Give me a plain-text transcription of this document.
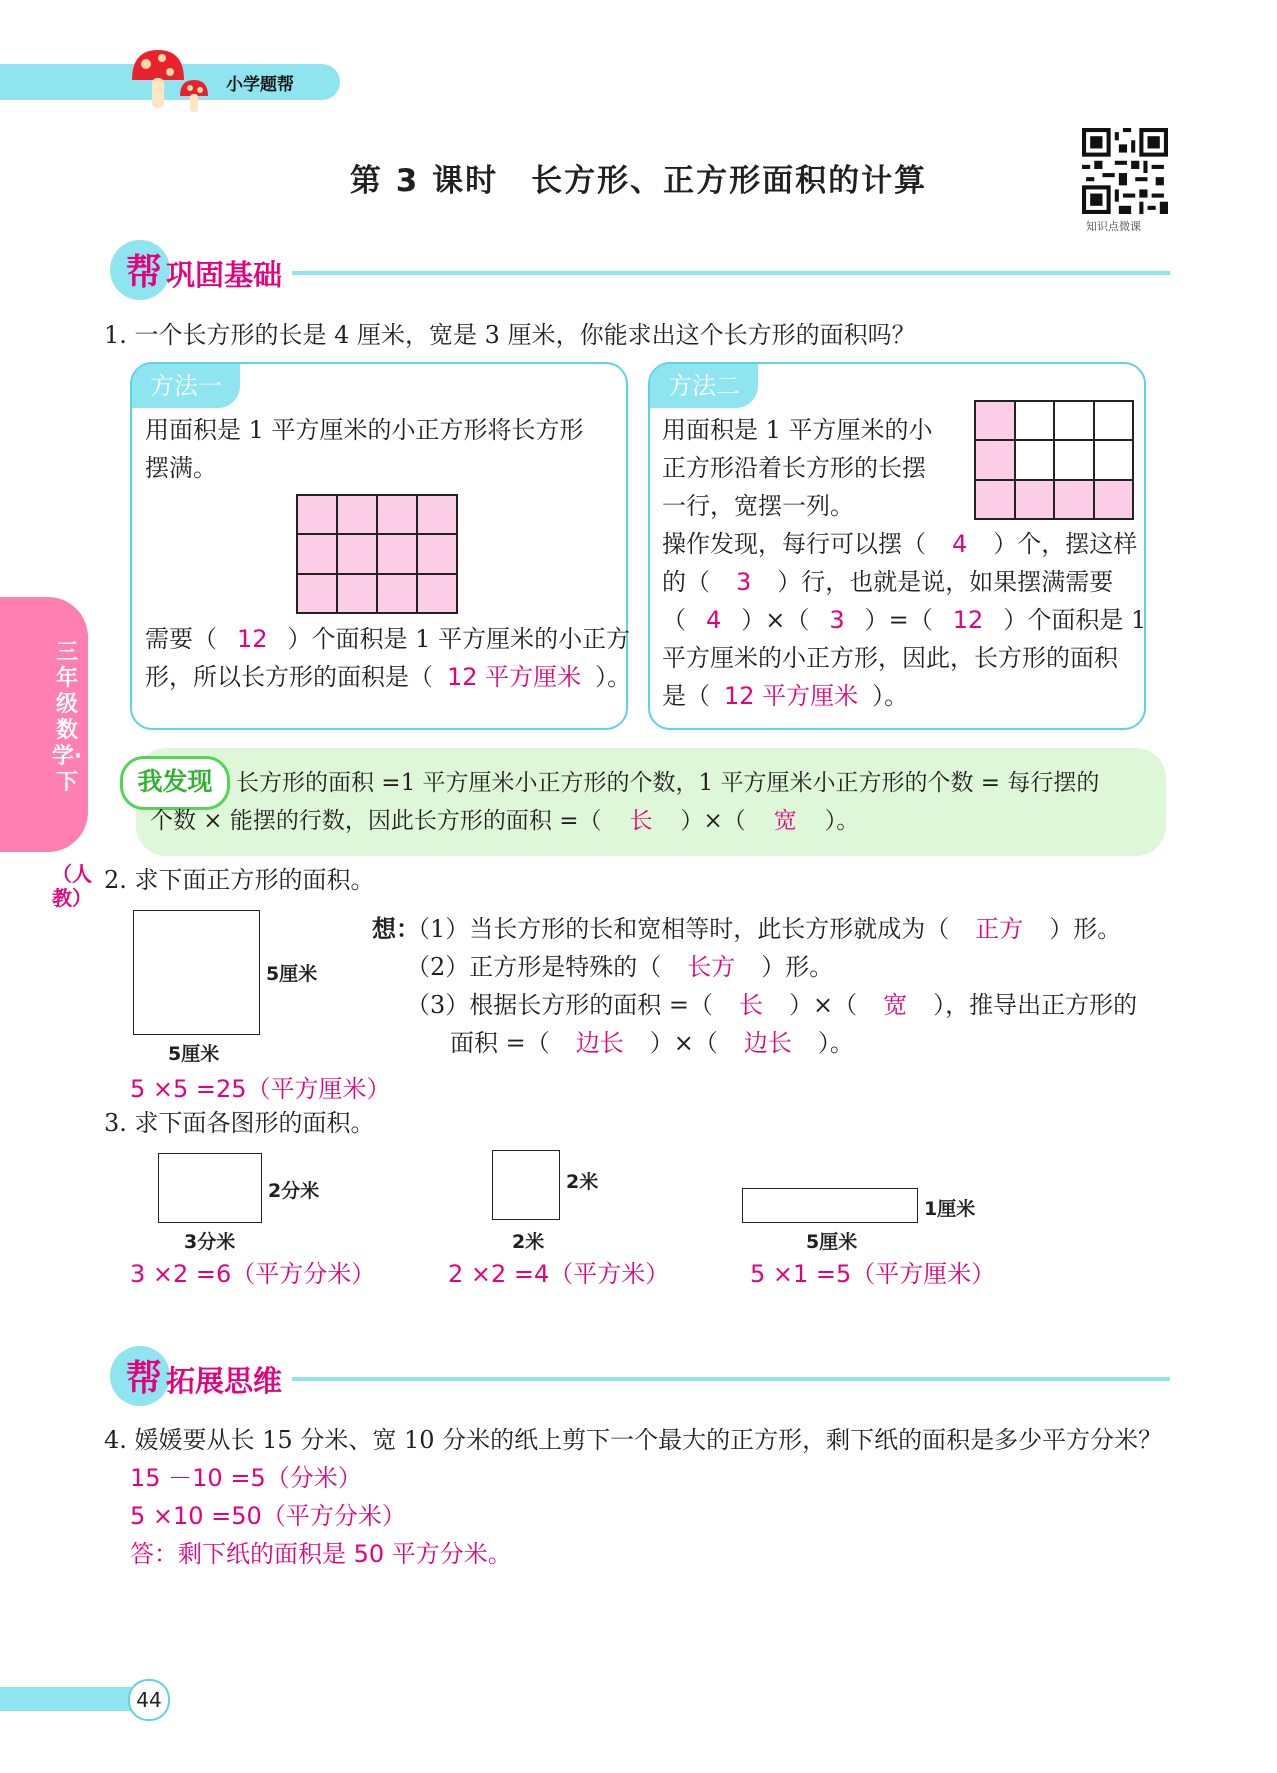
小学题帮
第 3 课时　长方形、正方形面积的计算
知识点微课
三年级数学·下
（人教）
帮 巩固基础
1. 一个长方形的长是 4 厘米，宽是 3 厘米，你能求出这个长方形的面积吗？
方法一
用面积是 1 平方厘米的小正方形将长方形
摆满。
需要（ 12 ）个面积是 1 平方厘米的小正方
形，所以长方形的面积是（ 12 平方厘米 ）。
方法二
用面积是 1 平方厘米的小
正方形沿着长方形的长摆
一行，宽摆一列。
操作发现，每行可以摆（ 4 ）个，摆这样
的（ 3 ）行，也就是说，如果摆满需要
（ 4 ）×（ 3 ）=（ 12 ）个面积是 1
平方厘米的小正方形，因此，长方形的面积
是（ 12 平方厘米 ）。
我发现	长方形的面积 =1 平方厘米小正方形的个数，1 平方厘米小正方形的个数 = 每行摆的
个数 × 能摆的行数，因此长方形的面积 =（ 长 ）×（ 宽 ）。
2. 求下面正方形的面积。
5厘米
5厘米
5 ×5 =25（平方厘米）
想：
（1）当长方形的长和宽相等时，此长方形就成为（ 正方 ）形。
（2）正方形是特殊的（ 长方 ）形。
（3）根据长方形的面积 =（ 长 ）×（ 宽 ），推导出正方形的
面积 =（ 边长 ）×（ 边长 ）。
3. 求下面各图形的面积。
2分米
3分米
3 ×2 =6（平方分米）
2米
2米
2 ×2 =4（平方米）
1厘米
5厘米
5 ×1 =5（平方厘米）
帮 拓展思维
4. 媛媛要从长 15 分米、宽 10 分米的纸上剪下一个最大的正方形，剩下纸的面积是多少平方分米？
15 －10 =5（分米）
5 ×10 =50（平方分米）
答：剩下纸的面积是 50 平方分米。
44
